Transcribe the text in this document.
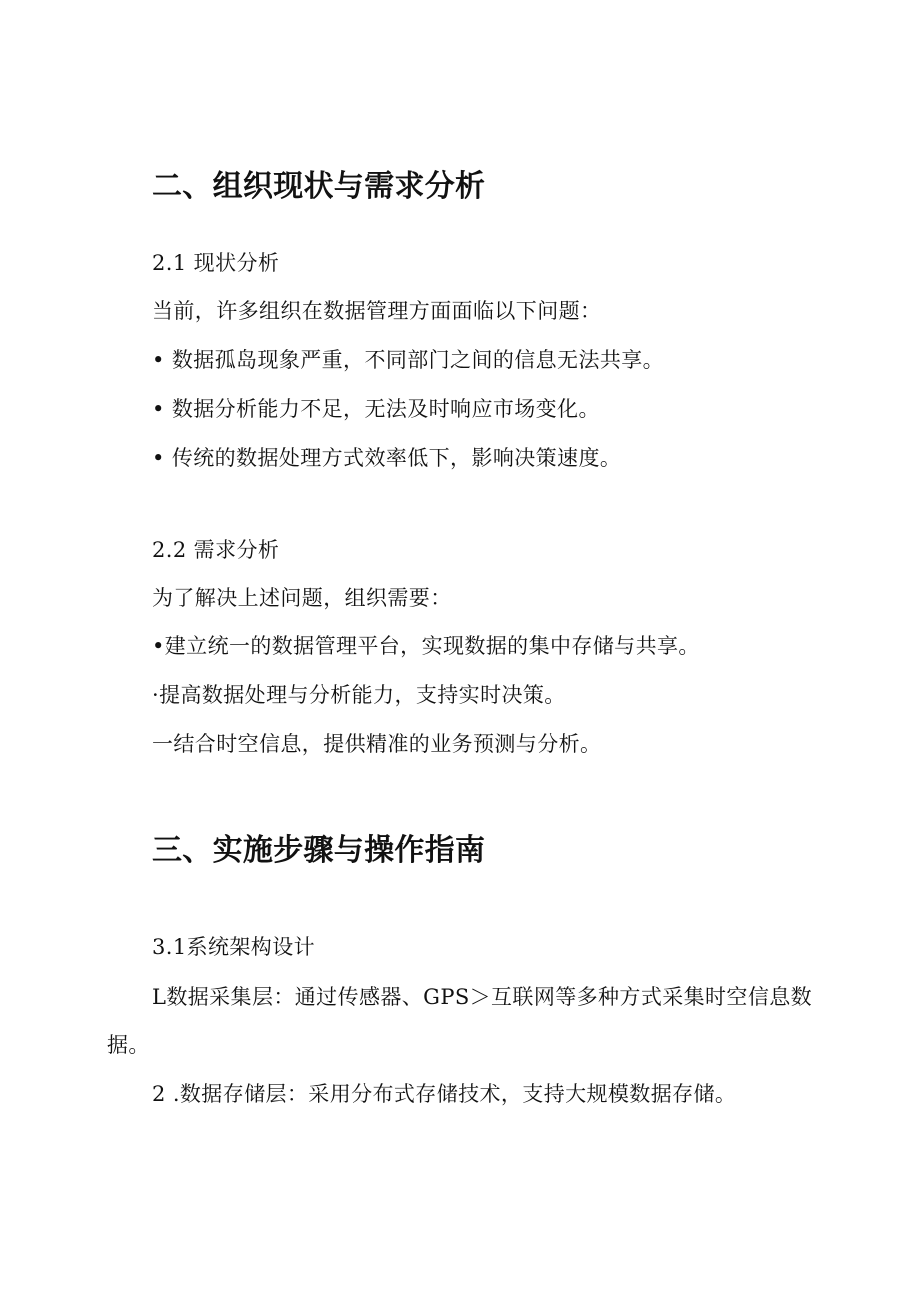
二、组织现状与需求分析
2.1 现状分析
当前，许多组织在数据管理方面面临以下问题：
• 数据孤岛现象严重，不同部门之间的信息无法共享。
• 数据分析能力不足，无法及时响应市场变化。
• 传统的数据处理方式效率低下，影响决策速度。
2.2 需求分析
为了解决上述问题，组织需要：
•建立统一的数据管理平台，实现数据的集中存储与共享。
·提高数据处理与分析能力，支持实时决策。
一结合时空信息，提供精准的业务预测与分析。
三、实施步骤与操作指南
3.1系统架构设计
L数据采集层：通过传感器、GPS＞互联网等多种方式采集时空信息数
据。
2 .数据存储层：采用分布式存储技术，支持大规模数据存储。
